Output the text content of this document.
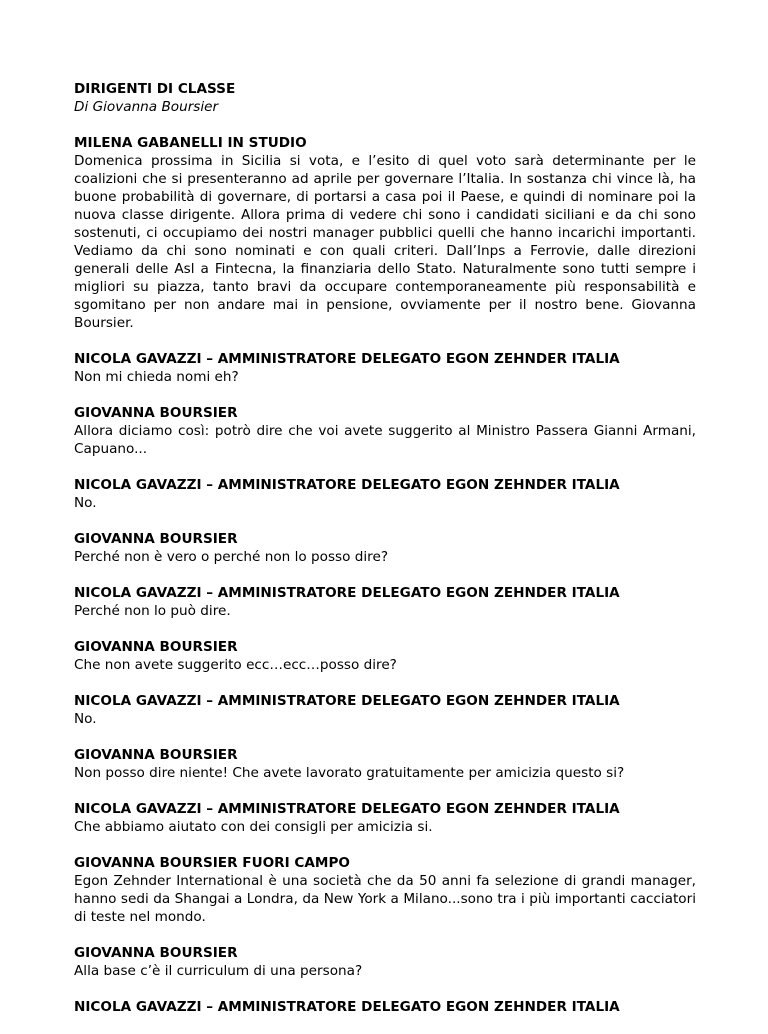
DIRIGENTI DI CLASSE
Di Giovanna Boursier
MILENA GABANELLI IN STUDIO
Domenica prossima in Sicilia si vota, e l’esito di quel voto sarà determinante per le coalizioni che si presenteranno ad aprile per governare l’Italia. In sostanza chi vince là, ha buone probabilità di governare, di portarsi a casa poi il Paese, e quindi di nominare poi la nuova classe dirigente. Allora prima di vedere chi sono i candidati siciliani e da chi sono sostenuti, ci occupiamo dei nostri manager pubblici quelli che hanno incarichi importanti. Vediamo da chi sono nominati e con quali criteri. Dall’Inps a Ferrovie, dalle direzioni generali delle Asl a Fintecna, la finanziaria dello Stato. Naturalmente sono tutti sempre i migliori su piazza, tanto bravi da occupare contemporaneamente più responsabilità e sgomitano per non andare mai in pensione, ovviamente per il nostro bene. Giovanna Boursier.
NICOLA GAVAZZI – AMMINISTRATORE DELEGATO EGON ZEHNDER ITALIA
Non mi chieda nomi eh?
GIOVANNA BOURSIER
Allora diciamo così: potrò dire che voi avete suggerito al Ministro Passera Gianni Armani, Capuano...
NICOLA GAVAZZI – AMMINISTRATORE DELEGATO EGON ZEHNDER ITALIA
No.
GIOVANNA BOURSIER
Perché non è vero o perché non lo posso dire?
NICOLA GAVAZZI – AMMINISTRATORE DELEGATO EGON ZEHNDER ITALIA
Perché non lo può dire.
GIOVANNA BOURSIER
Che non avete suggerito ecc…ecc…posso dire?
NICOLA GAVAZZI – AMMINISTRATORE DELEGATO EGON ZEHNDER ITALIA
No.
GIOVANNA BOURSIER
Non posso dire niente! Che avete lavorato gratuitamente per amicizia questo si?
NICOLA GAVAZZI – AMMINISTRATORE DELEGATO EGON ZEHNDER ITALIA
Che abbiamo aiutato con dei consigli per amicizia si.
GIOVANNA BOURSIER FUORI CAMPO
Egon Zehnder International è una società che da 50 anni fa selezione di grandi manager, hanno sedi da Shangai a Londra, da New York a Milano...sono tra i più importanti cacciatori di teste nel mondo.
GIOVANNA BOURSIER
Alla base c’è il curriculum di una persona?
NICOLA GAVAZZI – AMMINISTRATORE DELEGATO EGON ZEHNDER ITALIA
